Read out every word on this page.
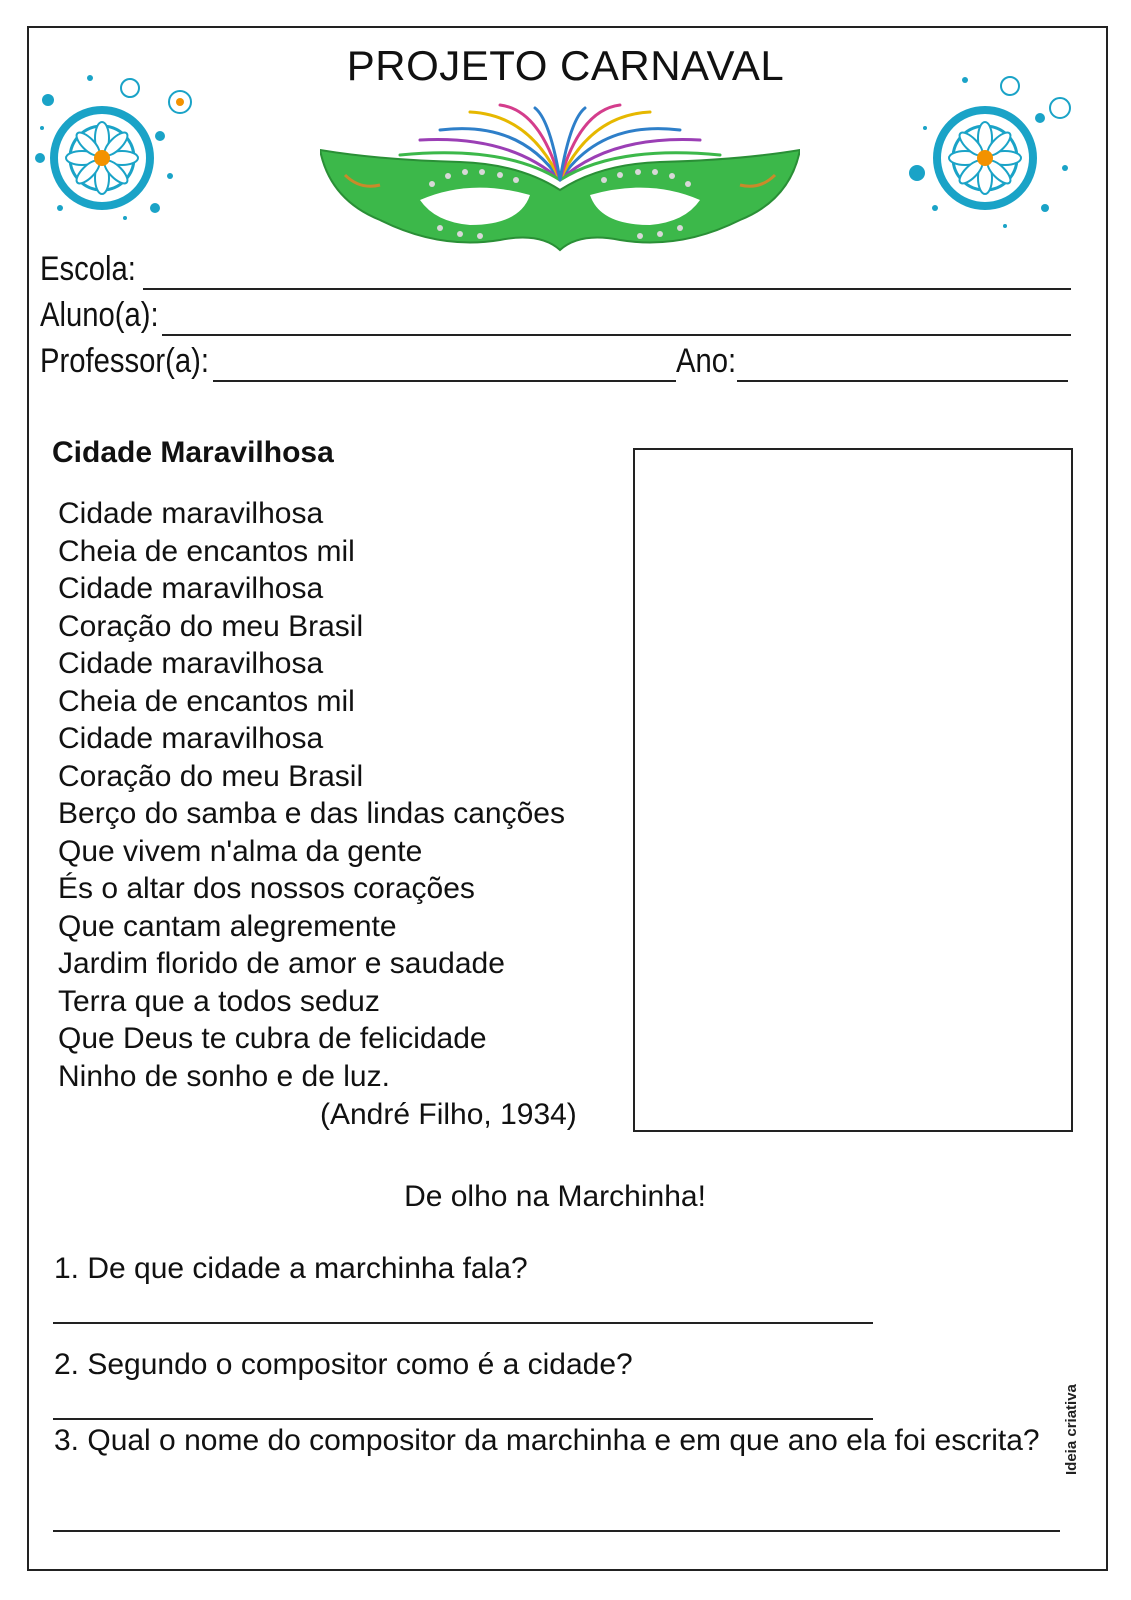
PROJETO CARNAVAL
Escola:
Aluno(a):
Professor(a):	Ano:
Cidade Maravilhosa
Cidade maravilhosa
Cheia de encantos mil
Cidade maravilhosa
Coração do meu Brasil
Cidade maravilhosa
Cheia de encantos mil
Cidade maravilhosa
Coração do meu Brasil
Berço do samba e das lindas canções
Que vivem n'alma da gente
És o altar dos nossos corações
Que cantam alegremente
Jardim florido de amor e saudade
Terra que a todos seduz
Que Deus te cubra de felicidade
Ninho de sonho e de luz.
(André Filho, 1934)
De olho na Marchinha!
1. De que cidade a marchinha fala?
2. Segundo o compositor como é a cidade?
3. Qual o nome do compositor da marchinha e em que ano ela foi escrita? Ideia criativa
